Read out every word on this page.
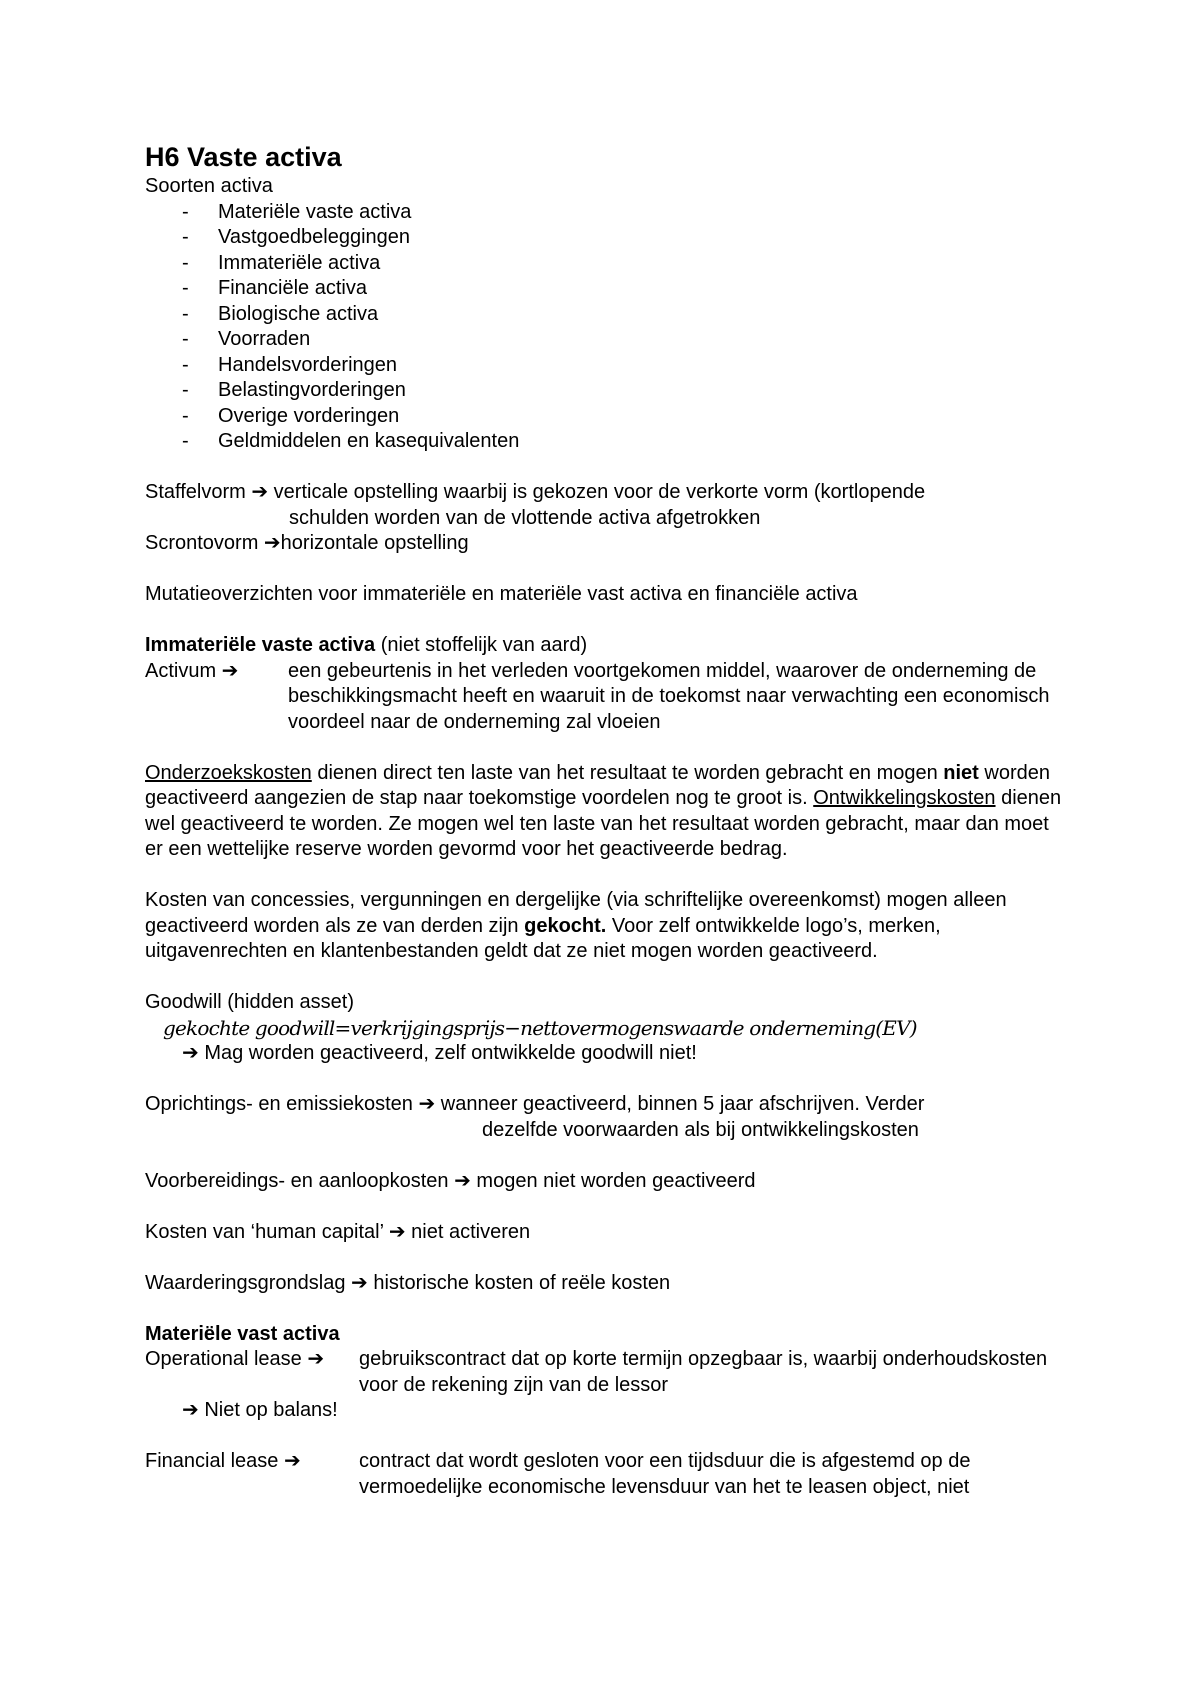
H6 Vaste activa

Soorten activa

- Materiële vaste activa
- Vastgoedbeleggingen
- Immateriële activa
- Financiële activa
- Biologische activa
- Voorraden
- Handelsvorderingen
- Belastingvorderingen
- Overige vorderingen
- Geldmiddelen en kasequivalenten

Staffelvorm ➔ verticale opstelling waarbij is gekozen voor de verkorte vorm (kortlopende

schulden worden van de vlottende activa afgetrokken

Scrontovorm ➔horizontale opstelling

Mutatieoverzichten voor immateriële en materiële vast activa en financiële activa

Immateriële vaste activa (niet stoffelijk van aard)

Activum ➔	een gebeurtenis in het verleden voortgekomen middel, waarover de onderneming de beschikkingsmacht heeft en waaruit in de toekomst naar verwachting een economisch voordeel naar de onderneming zal vloeien

Onderzoekskosten dienen direct ten laste van het resultaat te worden gebracht en mogen niet worden geactiveerd aangezien de stap naar toekomstige voordelen nog te groot is. Ontwikkelingskosten dienen wel geactiveerd te worden. Ze mogen wel ten laste van het resultaat worden gebracht, maar dan moet er een wettelijke reserve worden gevormd voor het geactiveerde bedrag.

Kosten van concessies, vergunningen en dergelijke (via schriftelijke overeenkomst) mogen alleen geactiveerd worden als ze van derden zijn gekocht. Voor zelf ontwikkelde logo’s, merken, uitgavenrechten en klantenbestanden geldt dat ze niet mogen worden geactiveerd.

Goodwill (hidden asset)

gekochte goodwill=verkrijgingsprijs−nettovermogenswaarde onderneming(EV)

➔ Mag worden geactiveerd, zelf ontwikkelde goodwill niet!

Oprichtings- en emissiekosten ➔ wanneer geactiveerd, binnen 5 jaar afschrijven. Verder

dezelfde voorwaarden als bij ontwikkelingskosten

Voorbereidings- en aanloopkosten ➔ mogen niet worden geactiveerd

Kosten van ‘human capital’ ➔ niet activeren

Waarderingsgrondslag ➔ historische kosten of reële kosten

Materiële vast activa

Operational lease ➔	gebruikscontract dat op korte termijn opzegbaar is, waarbij onderhoudskosten voor de rekening zijn van de lessor

➔ Niet op balans!

Financial lease ➔	contract dat wordt gesloten voor een tijdsduur die is afgestemd op de vermoedelijke economische levensduur van het te leasen object, niet
